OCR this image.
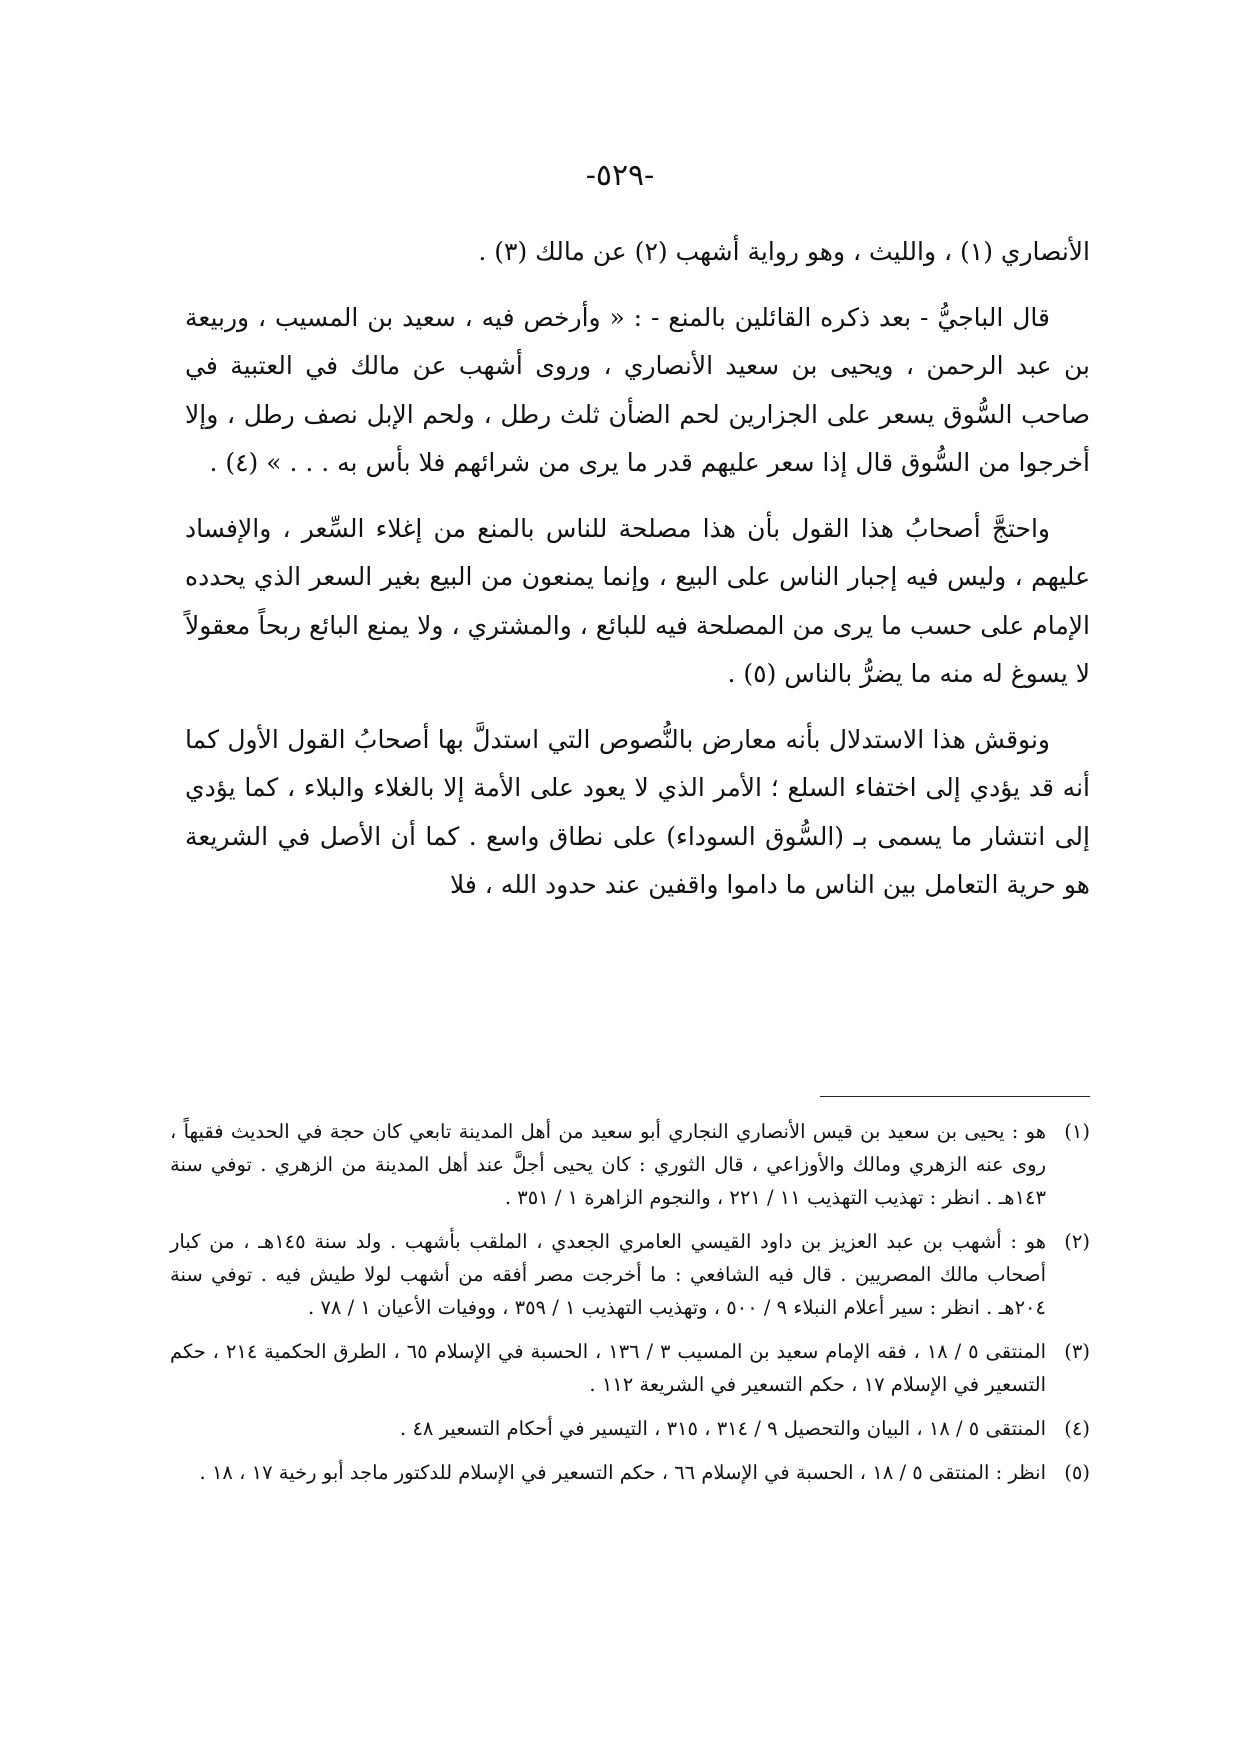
-٥٢٩-

الأنصاري (١) ، والليث ، وهو رواية أشهب (٢) عن مالك (٣) .

قال الباجيُّ - بعد ذكره القائلين بالمنع - : « وأرخص فيه ، سعيد بن المسيب ، وربيعة بن عبد الرحمن ، ويحيى بن سعيد الأنصاري ، وروى أشهب عن مالك في العتبية في صاحب السُّوق يسعر على الجزارين لحم الضأن ثلث رطل ، ولحم الإبل نصف رطل ، وإلا أخرجوا من السُّوق قال إذا سعر عليهم قدر ما يرى من شرائهم فلا بأس به . . . » (٤) .

واحتجَّ أصحابُ هذا القول بأن هذا مصلحة للناس بالمنع من إغلاء السِّعر ، والإفساد عليهم ، وليس فيه إجبار الناس على البيع ، وإنما يمنعون من البيع بغير السعر الذي يحدده الإمام على حسب ما يرى من المصلحة فيه للبائع ، والمشتري ، ولا يمنع البائع ربحاً معقولاً لا يسوغ له منه ما يضرُّ بالناس (٥) .

ونوقش هذا الاستدلال بأنه معارض بالنُّصوص التي استدلَّ بها أصحابُ القول الأول كما أنه قد يؤدي إلى اختفاء السلع ؛ الأمر الذي لا يعود على الأمة إلا بالغلاء والبلاء ، كما يؤدي إلى انتشار ما يسمى بـ (السُّوق السوداء) على نطاق واسع . كما أن الأصل في الشريعة هو حرية التعامل بين الناس ما داموا واقفين عند حدود الله ، فلا

(١)هو : يحيى بن سعيد بن قيس الأنصاري النجاري أبو سعيد من أهل المدينة تابعي كان حجة في الحديث فقيهاً ، روى عنه الزهري ومالك والأوزاعي ، قال الثوري : كان يحيى أجلَّ عند أهل المدينة من الزهري . توفي سنة ١٤٣هـ . انظر : تهذيب التهذيب ١١ / ٢٢١ ، والنجوم الزاهرة ١ / ٣٥١ .
(٢)هو : أشهب بن عبد العزيز بن داود القيسي العامري الجعدي ، الملقب بأشهب . ولد سنة ١٤٥هـ ، من كبار أصحاب مالك المصريين . قال فيه الشافعي : ما أخرجت مصر أفقه من أشهب لولا طيش فيه . توفي سنة ٢٠٤هـ . انظر : سير أعلام النبلاء ٩ / ٥٠٠ ، وتهذيب التهذيب ١ / ٣٥٩ ، ووفيات الأعيان ١ / ٧٨ .
(٣)المنتقى ٥ / ١٨ ، فقه الإمام سعيد بن المسيب ٣ / ١٣٦ ، الحسبة في الإسلام ٦٥ ، الطرق الحكمية ٢١٤ ، حكم التسعير في الإسلام ١٧ ، حكم التسعير في الشريعة ١١٢ .
(٤)المنتقى ٥ / ١٨ ، البيان والتحصيل ٩ / ٣١٤ ، ٣١٥ ، التيسير في أحكام التسعير ٤٨ .
(٥)انظر : المنتقى ٥ / ١٨ ، الحسبة في الإسلام ٦٦ ، حكم التسعير في الإسلام للدكتور ماجد أبو رخية ١٧ ، ١٨ .
